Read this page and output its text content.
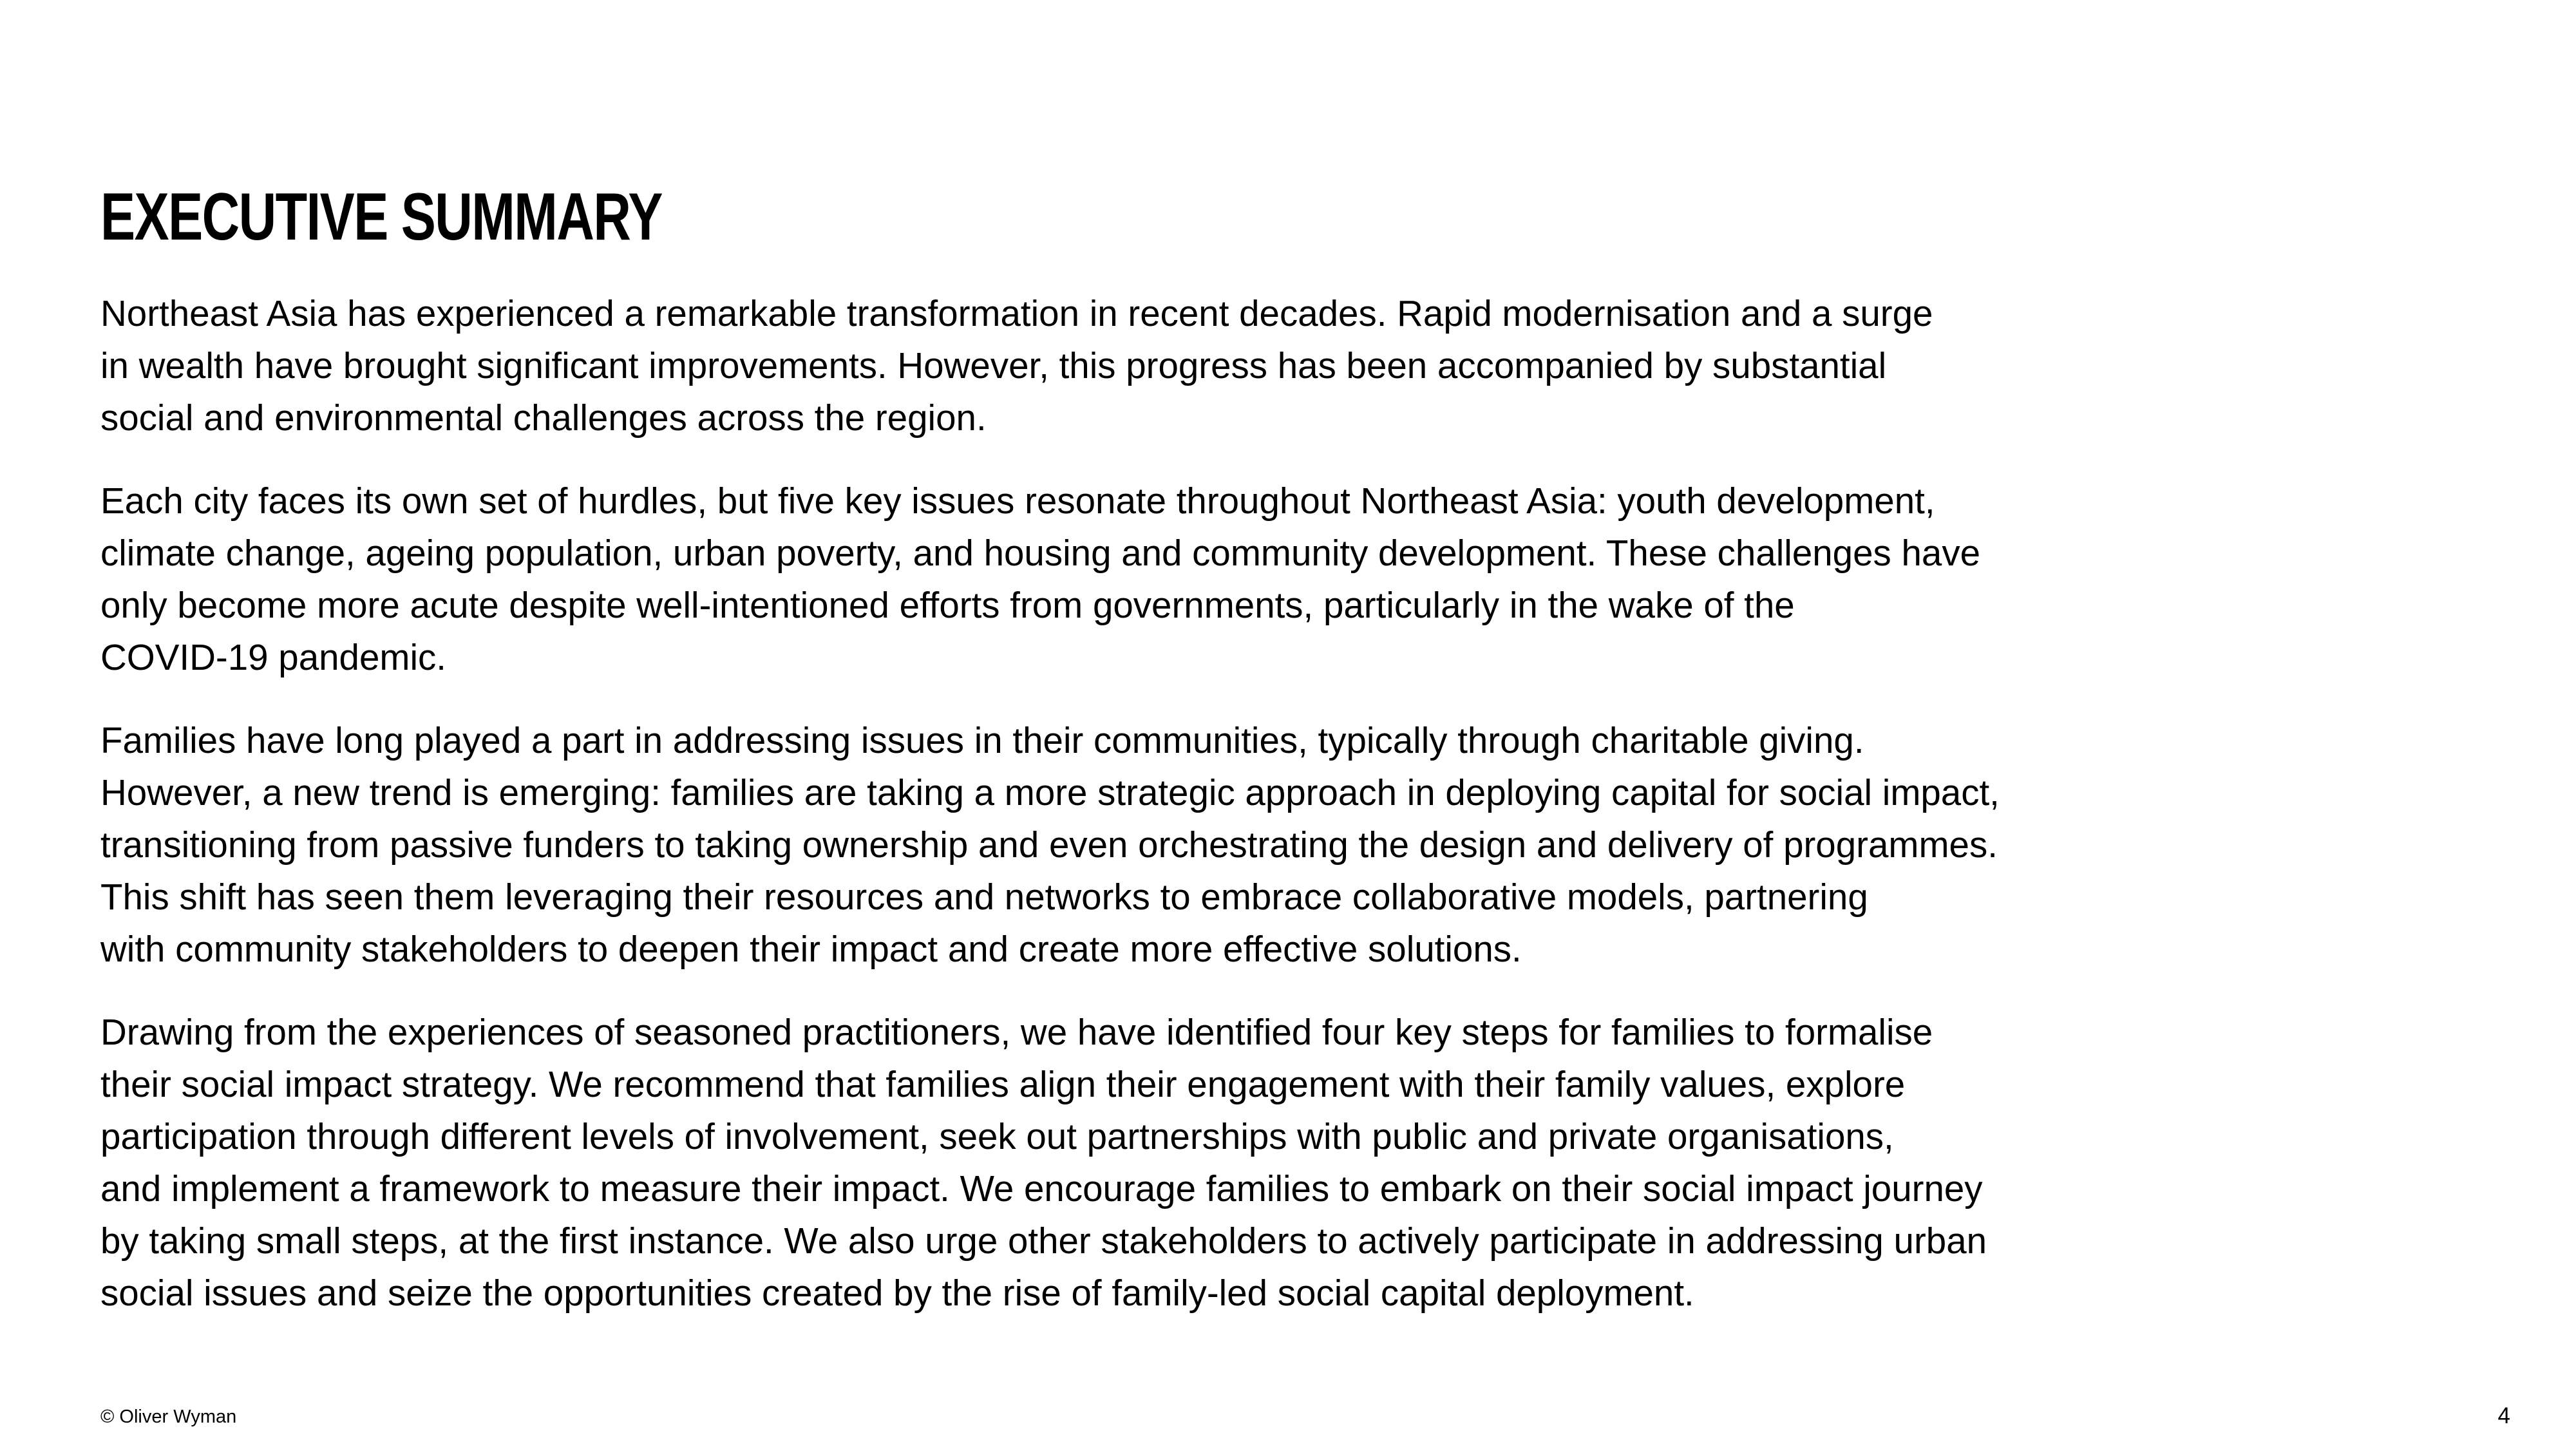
EXECUTIVE SUMMARY

Northeast Asia has experienced a remarkable transformation in recent decades. Rapid modernisation and a surge
in wealth have brought significant improvements. However, this progress has been accompanied by substantial
social and environmental challenges across the region.

Each city faces its own set of hurdles, but five key issues resonate throughout Northeast Asia: youth development,
climate change, ageing population, urban poverty, and housing and community development. These challenges have
only become more acute despite well-intentioned efforts from governments, particularly in the wake of the
COVID-19 pandemic.

Families have long played a part in addressing issues in their communities, typically through charitable giving.
However, a new trend is emerging: families are taking a more strategic approach in deploying capital for social impact,
transitioning from passive funders to taking ownership and even orchestrating the design and delivery of programmes.
This shift has seen them leveraging their resources and networks to embrace collaborative models, partnering
with community stakeholders to deepen their impact and create more effective solutions.

Drawing from the experiences of seasoned practitioners, we have identified four key steps for families to formalise
their social impact strategy. We recommend that families align their engagement with their family values, explore
participation through different levels of involvement, seek out partnerships with public and private organisations,
and implement a framework to measure their impact. We encourage families to embark on their social impact journey
by taking small steps, at the first instance. We also urge other stakeholders to actively participate in addressing urban
social issues and seize the opportunities created by the rise of family-led social capital deployment.

© Oliver Wyman	4
